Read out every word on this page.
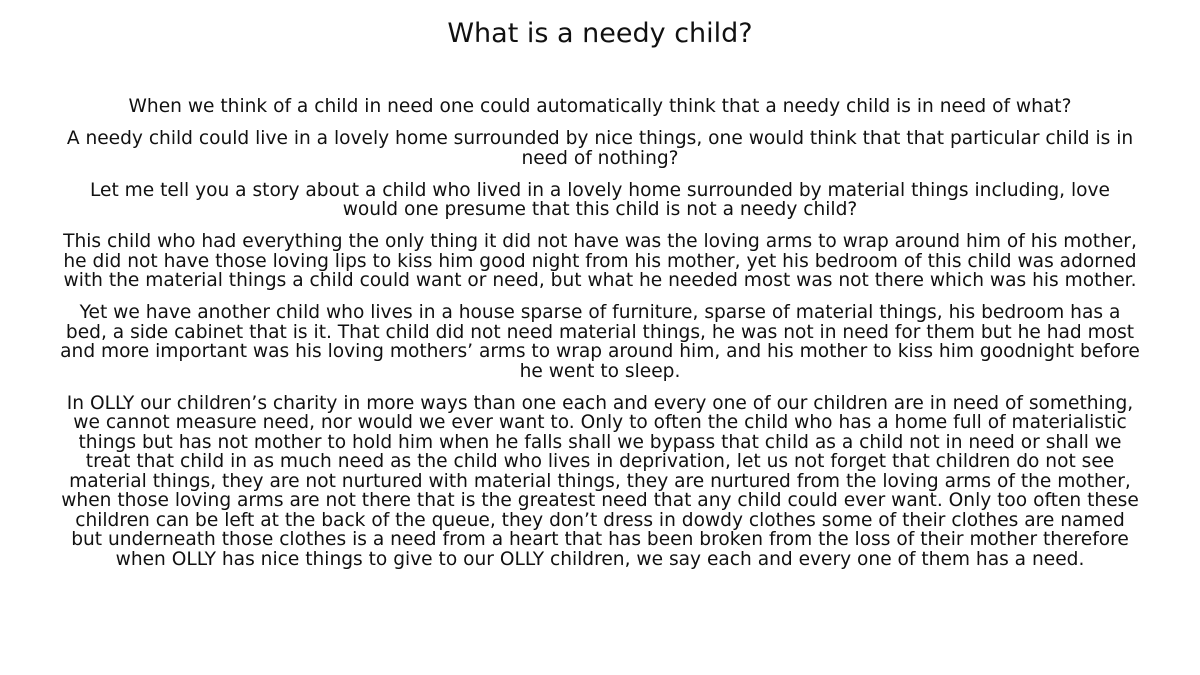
What is a needy child?

When we think of a child in need one could automatically think that a needy child is in need of what?

A needy child could live in a lovely home surrounded by nice things, one would think that that particular child is in need of nothing?

Let me tell you a story about a child who lived in a lovely home surrounded by material things including, love would one presume that this child is not a needy child?

This child who had everything the only thing it did not have was the loving arms to wrap around him of his mother, he did not have those loving lips to kiss him good night from his mother, yet his bedroom of this child was adorned with the material things a child could want or need, but what he needed most was not there which was his mother.

Yet we have another child who lives in a house sparse of furniture, sparse of material things, his bedroom has a bed, a side cabinet that is it. That child did not need material things, he was not in need for them but he had most and more important was his loving mothers’ arms to wrap around him, and his mother to kiss him goodnight before he went to sleep.

In OLLY our children’s charity in more ways than one each and every one of our children are in need of something, we cannot measure need, nor would we ever want to. Only to often the child who has a home full of materialistic things but has not mother to hold him when he falls shall we bypass that child as a child not in need or shall we treat that child in as much need as the child who lives in deprivation, let us not forget that children do not see material things, they are not nurtured with material things, they are nurtured from the loving arms of the mother, when those loving arms are not there that is the greatest need that any child could ever want. Only too often these children can be left at the back of the queue, they don’t dress in dowdy clothes some of their clothes are named but underneath those clothes is a need from a heart that has been broken from the loss of their mother therefore when OLLY has nice things to give to our OLLY children, we say each and every one of them has a need.
